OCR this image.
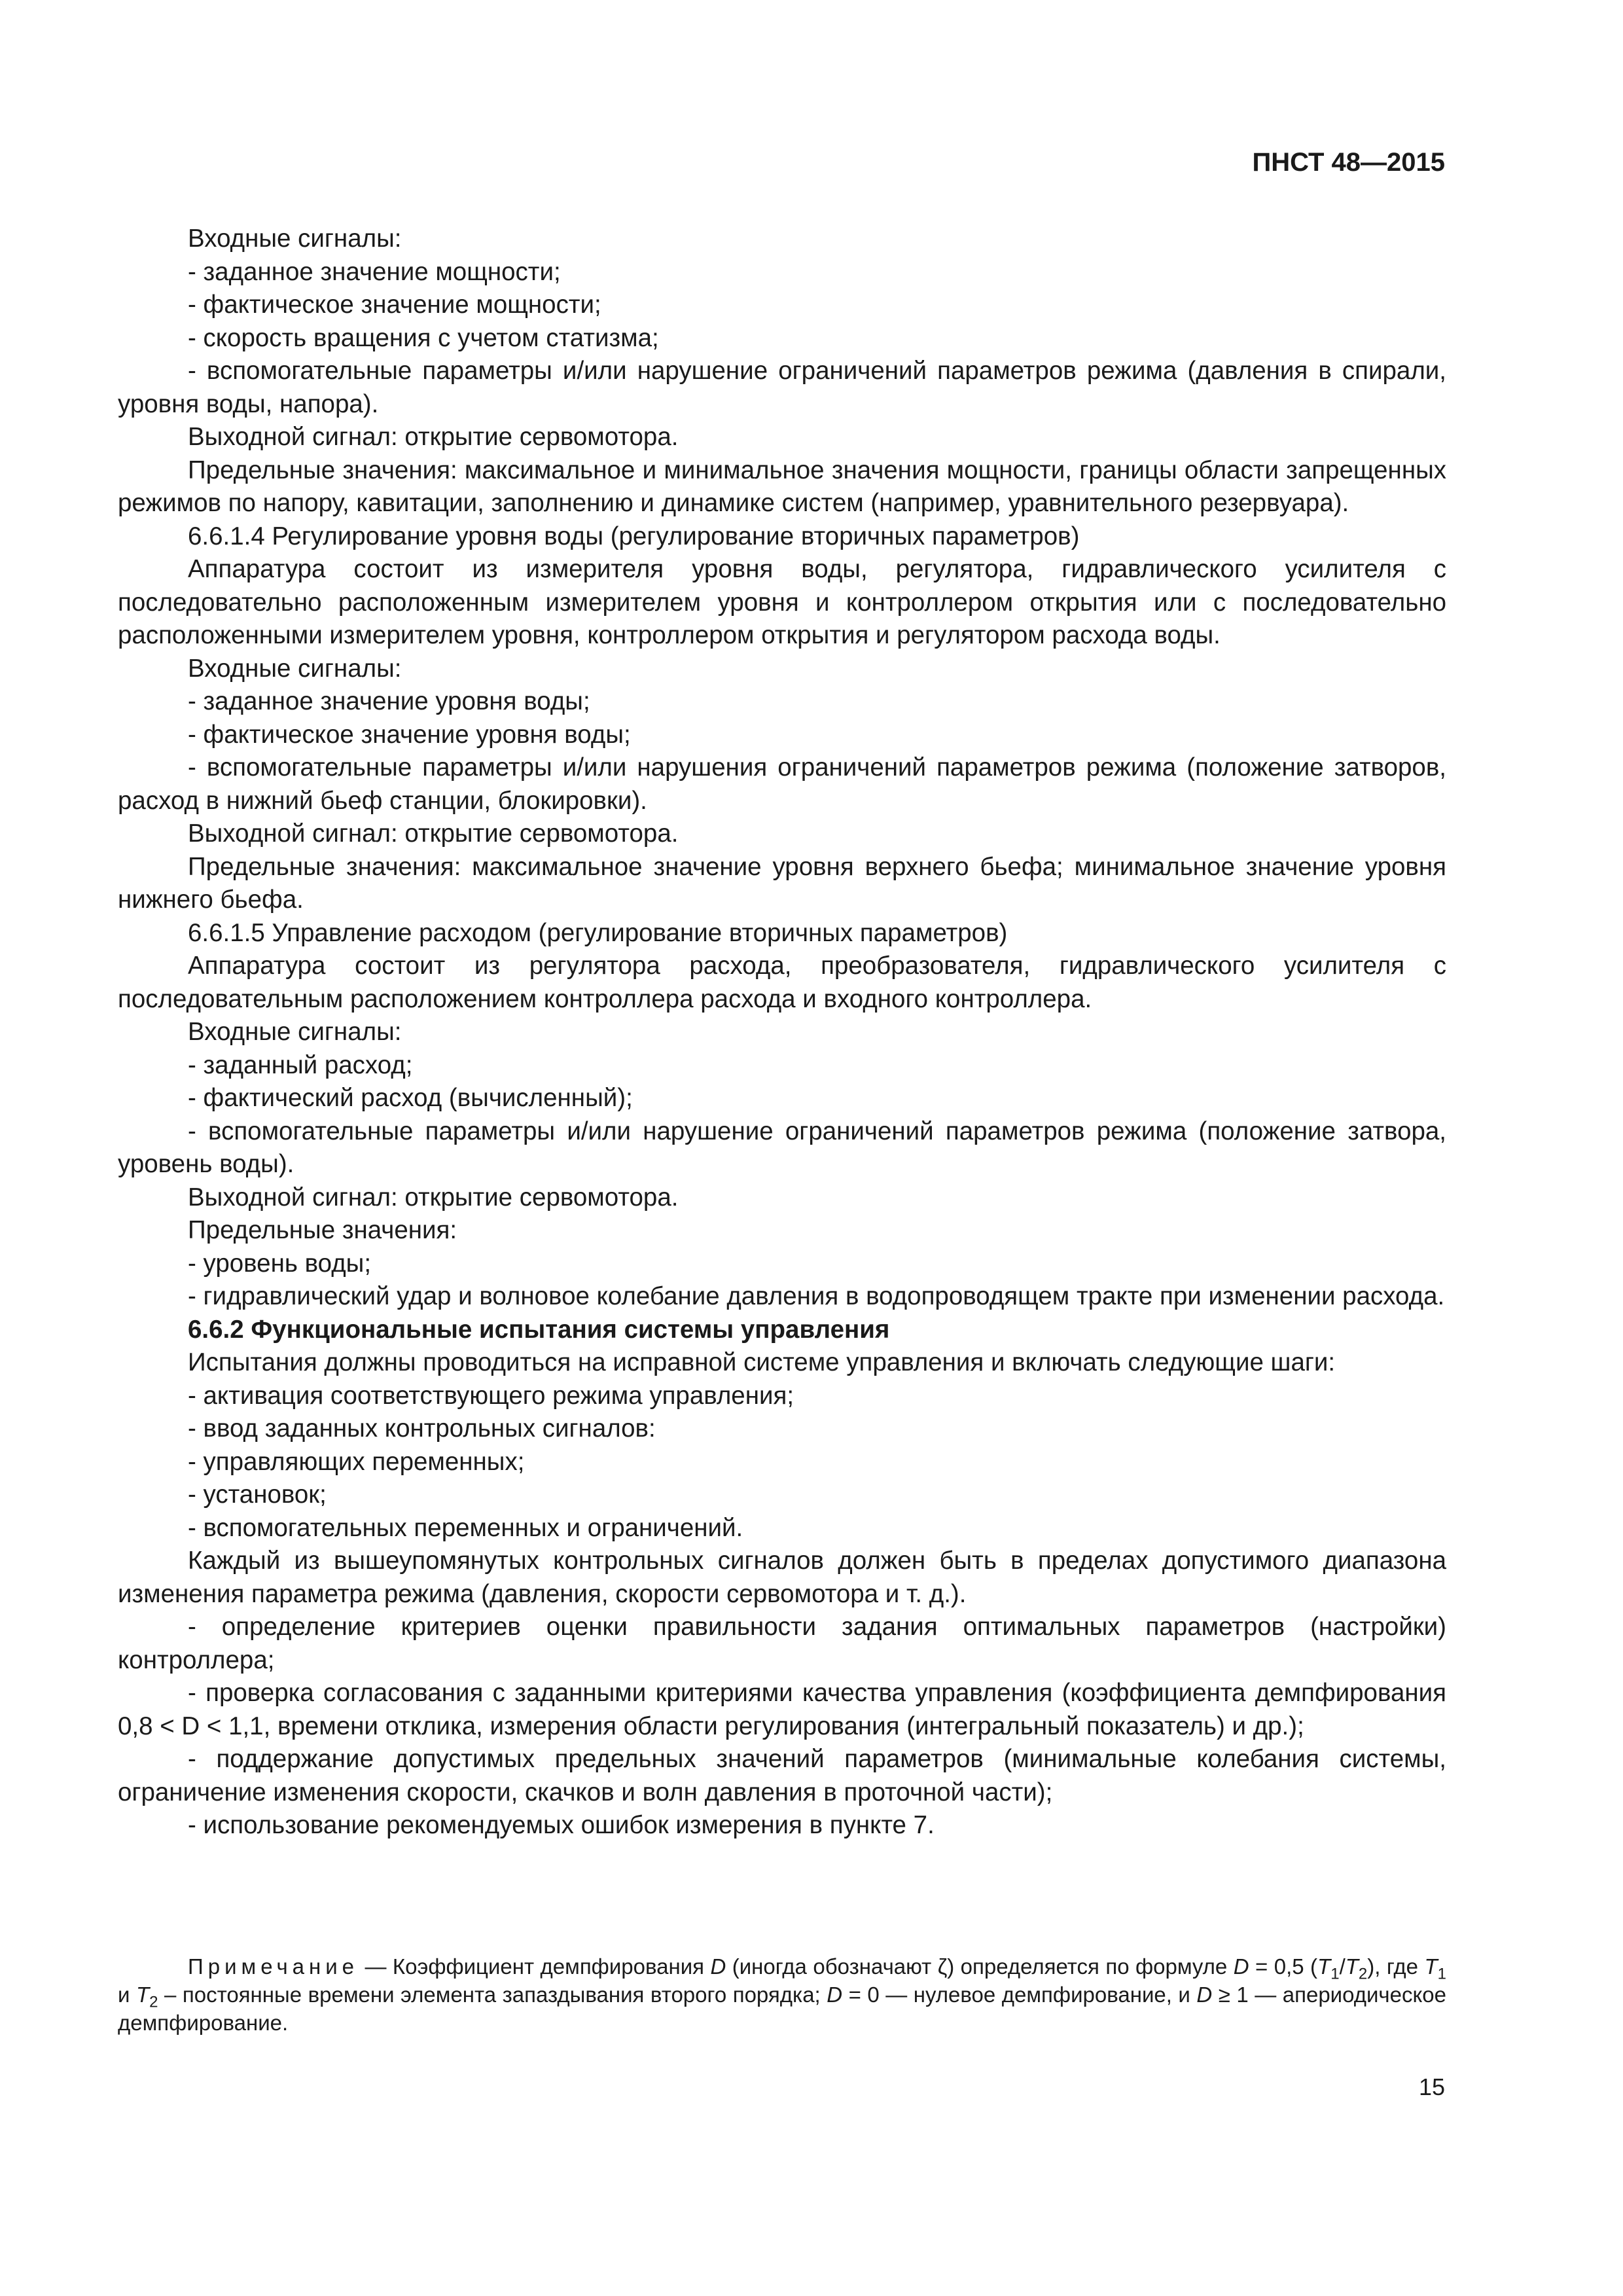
ПНСТ 48—2015

Входные сигналы:

- заданное значение мощности;

- фактическое значение мощности;

- скорость вращения с учетом статизма;

- вспомогательные параметры и/или нарушение ограничений параметров режима (давления в спирали, уровня воды, напора).

Выходной сигнал: открытие сервомотора.

Предельные значения: максимальное и минимальное значения мощности, границы области запрещенных режимов по напору, кавитации, заполнению и динамике систем (например, уравнительного резервуара).

6.6.1.4 Регулирование уровня воды (регулирование вторичных параметров)

Аппаратура состоит из измерителя уровня воды, регулятора, гидравлического усилителя с последовательно расположенным измерителем уровня и контроллером открытия или с последовательно расположенными измерителем уровня, контроллером открытия и регулятором расхода воды.

Входные сигналы:

- заданное значение уровня воды;

- фактическое значение уровня воды;

- вспомогательные параметры и/или нарушения ограничений параметров режима (положение затворов, расход в нижний бьеф станции, блокировки).

Выходной сигнал: открытие сервомотора.

Предельные значения: максимальное значение уровня верхнего бьефа; минимальное значение уровня нижнего бьефа.

6.6.1.5 Управление расходом (регулирование вторичных параметров)

Аппаратура состоит из регулятора расхода, преобразователя, гидравлического усилителя с последовательным расположением контроллера расхода и входного контроллера.

Входные сигналы:

- заданный расход;

- фактический расход (вычисленный);

- вспомогательные параметры и/или нарушение ограничений параметров режима (положение затвора, уровень воды).

Выходной сигнал: открытие сервомотора.

Предельные значения:

- уровень воды;

- гидравлический удар и волновое колебание давления в водопроводящем тракте при изменении расхода.

6.6.2 Функциональные испытания системы управления

Испытания должны проводиться на исправной системе управления и включать следующие шаги:

- активация соответствующего режима управления;

- ввод заданных контрольных сигналов:

- управляющих переменных;

- установок;

- вспомогательных переменных и ограничений.

Каждый из вышеупомянутых контрольных сигналов должен быть в пределах допустимого диапазона изменения параметра режима (давления, скорости сервомотора и т. д.).

- определение критериев оценки правильности задания оптимальных параметров (настройки) контроллера;

- проверка согласования с заданными критериями качества управления (коэффициента демпфирования 0,8 < D < 1,1, времени отклика, измерения области регулирования (интегральный показатель) и др.);

- поддержание допустимых предельных значений параметров (минимальные колебания системы, ограничение изменения скорости, скачков и волн давления в проточной части);

- использование рекомендуемых ошибок измерения в пункте 7.

Примечание — Коэффициент демпфирования D (иногда обозначают ζ) определяется по формуле D = 0,5 $(T_1/T_2)$, где $T_1$ и $T_2$ – постоянные времени элемента запаздывания второго порядка; D = 0 — нулевое демпфирование, и D ≥ 1 — апериодическое демпфирование.
15
